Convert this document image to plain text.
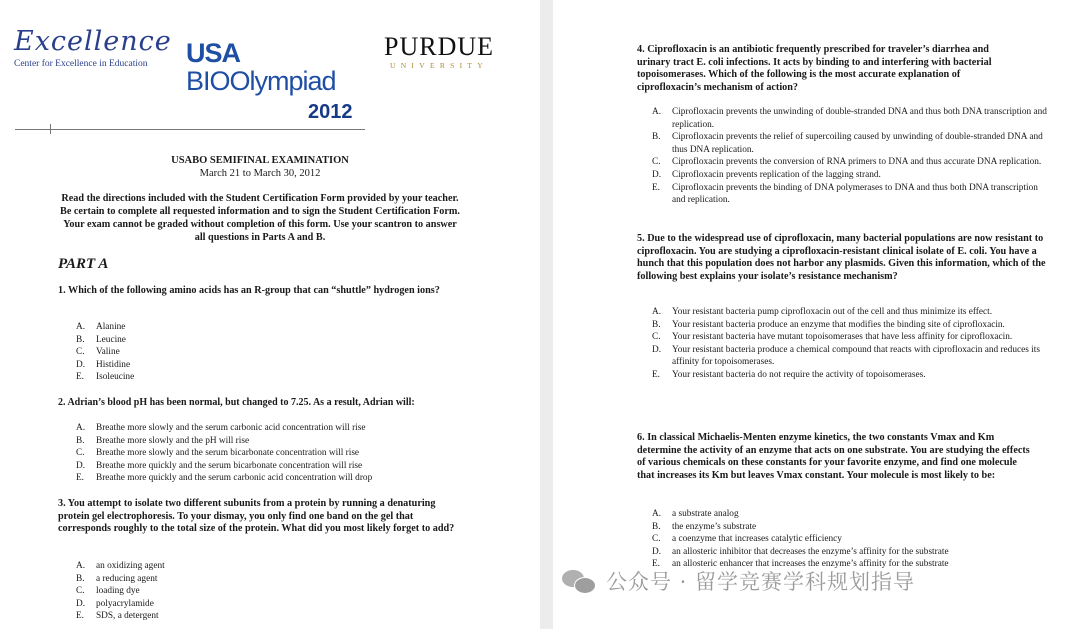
Excellence
Center for Excellence in Education	USA
BIOOlympiad
2012
PURDUE
UNIVERSITY
USABO SEMIFINAL EXAMINATION
March 21 to March 30, 2012
Read the directions included with the Student Certification Form provided by your teacher. Be certain to complete all requested information and to sign the Student Certification Form. Your exam cannot be graded without completion of this form. Use your scantron to answer all questions in Parts A and B.
PART A
1. Which of the following amino acids has an R-group that can “shuttle” hydrogen ions?
A.	Alanine
B.	Leucine
C.	Valine
D.	Histidine
E.	Isoleucine
2. Adrian’s blood pH has been normal, but changed to 7.25. As a result, Adrian will:
A.	Breathe more slowly and the serum carbonic acid concentration will rise
B.	Breathe more slowly and the pH will rise
C.	Breathe more slowly and the serum bicarbonate concentration will rise
D.	Breathe more quickly and the serum bicarbonate concentration will rise
E.	Breathe more quickly and the serum carbonic acid concentration will drop
3. You attempt to isolate two different subunits from a protein by running a denaturing protein gel electrophoresis. To your dismay, you only find one band on the gel that corresponds roughly to the total size of the protein. What did you most likely forget to add?
A.	an oxidizing agent
B.	a reducing agent
C.	loading dye
D.	polyacrylamide
E.	SDS, a detergent
4. Ciprofloxacin is an antibiotic frequently prescribed for traveler’s diarrhea and urinary tract E. coli infections. It acts by binding to and interfering with bacterial topoisomerases. Which of the following is the most accurate explanation of ciprofloxacin’s mechanism of action?
A.	Ciprofloxacin prevents the unwinding of double-stranded DNA and thus both DNA transcription and replication.
B.	Ciprofloxacin prevents the relief of supercoiling caused by unwinding of double-stranded DNA and thus DNA replication.
C.	Ciprofloxacin prevents the conversion of RNA primers to DNA and thus accurate DNA replication.
D.	Ciprofloxacin prevents replication of the lagging strand.
E.	Ciprofloxacin prevents the binding of DNA polymerases to DNA and thus both DNA transcription and replication.
5. Due to the widespread use of ciprofloxacin, many bacterial populations are now resistant to ciprofloxacin. You are studying a ciprofloxacin-resistant clinical isolate of E. coli. You have a hunch that this population does not harbor any plasmids. Given this information, which of the following best explains your isolate’s resistance mechanism?
A.	Your resistant bacteria pump ciprofloxacin out of the cell and thus minimize its effect.
B.	Your resistant bacteria produce an enzyme that modifies the binding site of ciprofloxacin.
C.	Your resistant bacteria have mutant topoisomerases that have less affinity for ciprofloxacin.
D.	Your resistant bacteria produce a chemical compound that reacts with ciprofloxacin and reduces its affinity for topoisomerases.
E.	Your resistant bacteria do not require the activity of topoisomerases.
6. In classical Michaelis-Menten enzyme kinetics, the two constants Vmax and Km determine the activity of an enzyme that acts on one substrate. You are studying the effects of various chemicals on these constants for your favorite enzyme, and find one molecule that increases its Km but leaves Vmax constant. Your molecule is most likely to be:
A.	a substrate analog
B.	the enzyme’s substrate
C.	a coenzyme that increases catalytic efficiency
D.	an allosteric inhibitor that decreases the enzyme’s affinity for the substrate
E.	an allosteric enhancer that increases the enzyme’s affinity for the substrate
公众号 · 留学竞赛学科规划指导
